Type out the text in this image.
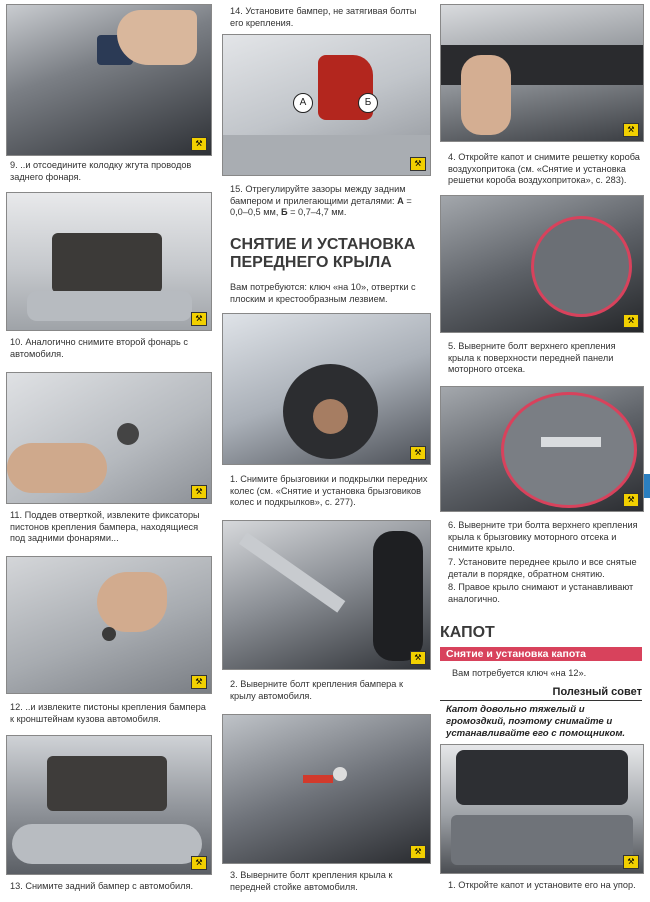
⚒
9. ..и отсоедините колодку жгута проводов заднего фонаря.
⚒
10. Аналогично снимите второй фонарь с автомобиля.
⚒
11. Поддев отверткой, извлеките фиксаторы пистонов крепления бампера, находящиеся под задними фонарями...
⚒
12. ..и извлеките пистоны крепления бампера к кронштейнам кузова автомобиля.
⚒
13. Снимите задний бампер с автомобиля.
14. Установите бампер, не затягивая болты его крепления.
А	Б
⚒
15. Отрегулируйте зазоры между задним бампером и прилегающими деталями: А = 0,0–0,5 мм, Б = 0,7–4,7 мм.
СНЯТИЕ И УСТАНОВКА ПЕРЕДНЕГО КРЫЛА
Вам потребуются: ключ «на 10», отвертки с плоским и крестообразным лезвием.
⚒
1. Снимите брызговики и подкрылки передних колес (см. «Снятие и установка брызговиков колес и подкрылков», с. 277).
⚒
2. Выверните болт крепления бампера к крылу автомобиля.
⚒
3. Выверните болт крепления крыла к передней стойке автомобиля.
⚒
4. Откройте капот и снимите решетку короба воздухопритока (см. «Снятие и установка решетки короба воздухопритока», с. 283).
⚒
5. Выверните болт верхнего крепления крыла к поверхности передней панели моторного отсека.
⚒
6. Выверните три болта верхнего крепления крыла к брызговику моторного отсека и снимите крыло.
7. Установите переднее крыло и все снятые детали в порядке, обратном снятию.
8. Правое крыло снимают и устанавливают аналогично.
КАПОТ
Снятие и установка капота
Вам потребуется ключ «на 12».
Полезный совет
Капот довольно тяжелый и громоздкий, поэтому снимайте и устанавливайте его с помощником.
⚒
1. Откройте капот и установите его на упор.
